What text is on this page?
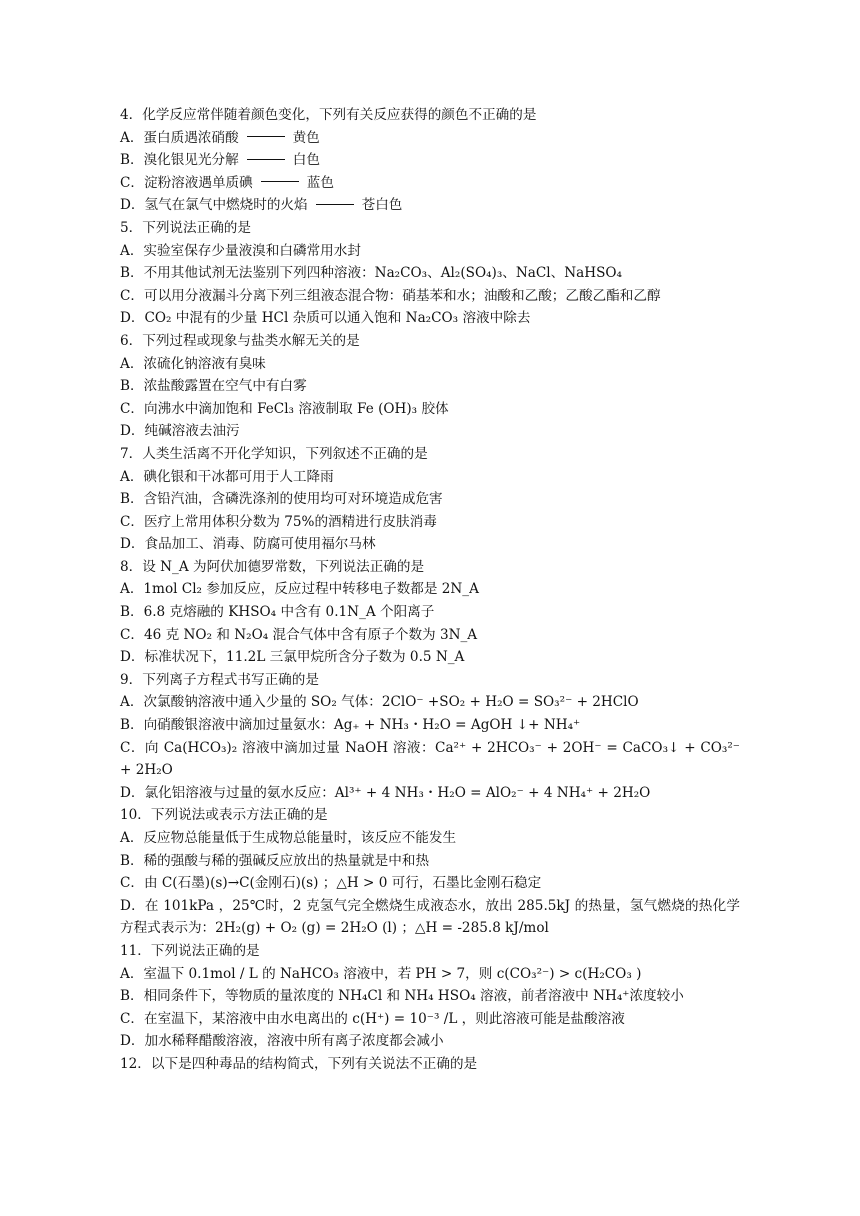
4．化学反应常伴随着颜色变化，下列有关反应获得的颜色不正确的是
A．蛋白质遇浓硝酸	黄色
B．溴化银见光分解	白色
C．淀粉溶液遇单质碘	蓝色
D．氢气在氯气中燃烧时的火焰	苍白色
5．下列说法正确的是
A．实验室保存少量液溴和白磷常用水封
B．不用其他试剂无法鉴别下列四种溶液：Na₂CO₃、Al₂(SO₄)₃、NaCl、NaHSO₄
C．可以用分液漏斗分离下列三组液态混合物：硝基苯和水；油酸和乙酸；乙酸乙酯和乙醇
D．CO₂ 中混有的少量 HCl 杂质可以通入饱和 Na₂CO₃ 溶液中除去
6．下列过程或现象与盐类水解无关的是
A．浓硫化钠溶液有臭味
B．浓盐酸露置在空气中有白雾
C．向沸水中滴加饱和 FeCl₃ 溶液制取 Fe (OH)₃ 胶体
D．纯碱溶液去油污
7．人类生活离不开化学知识，下列叙述不正确的是
A．碘化银和干冰都可用于人工降雨
B．含铅汽油，含磷洗涤剂的使用均可对环境造成危害
C．医疗上常用体积分数为 75%的酒精进行皮肤消毒
D．食品加工、消毒、防腐可使用福尔马林
8．设 N_A 为阿伏加德罗常数，下列说法正确的是
A．1mol Cl₂ 参加反应，反应过程中转移电子数都是 2N_A
B．6.8 克熔融的 KHSO₄ 中含有 0.1N_A 个阳离子
C．46 克 NO₂ 和 N₂O₄ 混合气体中含有原子个数为 3N_A
D．标准状况下，11.2L 三氯甲烷所含分子数为 0.5 N_A
9．下列离子方程式书写正确的是
A．次氯酸钠溶液中通入少量的 SO₂ 气体：2ClO⁻ +SO₂ + H₂O = SO₃²⁻ + 2HClO
B．向硝酸银溶液中滴加过量氨水：Ag₊ + NH₃・H₂O = AgOH ↓+ NH₄⁺
C．向 Ca(HCO₃)₂ 溶液中滴加过量 NaOH 溶液：Ca²⁺ + 2HCO₃⁻ + 2OH⁻ = CaCO₃↓ + CO₃²⁻ + 2H₂O
D．氯化铝溶液与过量的氨水反应：Al³⁺ + 4 NH₃・H₂O = AlO₂⁻ + 4 NH₄⁺ + 2H₂O
10．下列说法或表示方法正确的是
A．反应物总能量低于生成物总能量时，该反应不能发生
B．稀的强酸与稀的强碱反应放出的热量就是中和热
C．由 C(石墨)(s)→C(金刚石)(s) ；△H > 0 可行，石墨比金刚石稳定
D．在 101kPa ，25℃时，2 克氢气完全燃烧生成液态水，放出 285.5kJ 的热量，氢气燃烧的热化学方程式表示为：2H₂(g) + O₂ (g) = 2H₂O (l) ；△H = -285.8 kJ/mol
11．下列说法正确的是
A．室温下 0.1mol / L 的 NaHCO₃ 溶液中，若 PH > 7，则 c(CO₃²⁻) > c(H₂CO₃ )
B．相同条件下，等物质的量浓度的 NH₄Cl 和 NH₄ HSO₄ 溶液，前者溶液中 NH₄⁺浓度较小
C．在室温下，某溶液中由水电离出的 c(H⁺) = 10⁻³ /L ，则此溶液可能是盐酸溶液
D．加水稀释醋酸溶液，溶液中所有离子浓度都会减小
12．以下是四种毒品的结构简式，下列有关说法不正确的是
